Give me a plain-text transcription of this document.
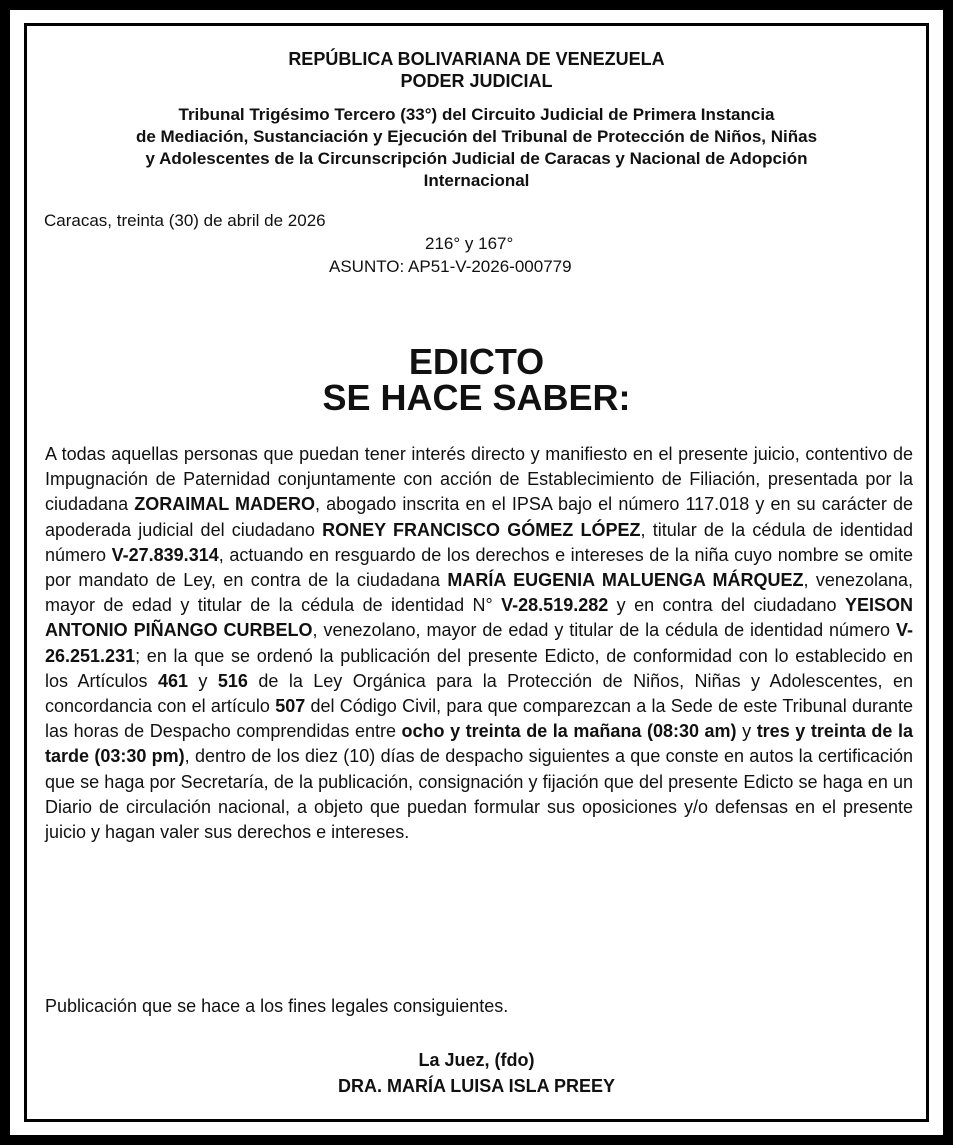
REPÚBLICA BOLIVARIANA DE VENEZUELA
PODER JUDICIAL
Tribunal Trigésimo Tercero (33°) del Circuito Judicial de Primera Instancia
de Mediación, Sustanciación y Ejecución del Tribunal de Protección de Niños, Niñas
y Adolescentes de la Circunscripción Judicial de Caracas y Nacional de Adopción
Internacional
Caracas, treinta (30) de abril de 2026
216° y 167°
ASUNTO: AP51-V-2026-000779
EDICTO
SE HACE SABER:
A todas aquellas personas que puedan tener interés directo y manifiesto en el presente juicio, contentivo de Impugnación de Paternidad conjuntamente con acción de Establecimiento de Filiación, presentada por la ciudadana ZORAIMAL MADERO, abogado inscrita en el IPSA bajo el número 117.018 y en su carácter de apoderada judicial del ciudadano RONEY FRANCISCO GÓMEZ LÓPEZ, titular de la cédula de identidad número V-27.839.314, actuando en resguardo de los derechos e intereses de la niña cuyo nombre se omite por mandato de Ley, en contra de la ciudadana MARÍA EUGENIA MALUENGA MÁRQUEZ, venezolana, mayor de edad y titular de la cédula de identidad N° V-28.519.282 y en contra del ciudadano YEISON ANTONIO PIÑANGO CURBELO, venezolano, mayor de edad y titular de la cédula de identidad número V-26.251.231; en la que se ordenó la publicación del presente Edicto, de conformidad con lo establecido en los Artículos 461 y 516 de la Ley Orgánica para la Protección de Niños, Niñas y Adolescentes, en concordancia con el artículo 507 del Código Civil, para que comparezcan a la Sede de este Tribunal durante las horas de Despacho comprendidas entre ocho y treinta de la mañana (08:30 am) y tres y treinta de la tarde (03:30 pm), dentro de los diez (10) días de despacho siguientes a que conste en autos la certificación que se haga por Secretaría, de la publicación, consignación y fijación que del presente Edicto se haga en un Diario de circulación nacional, a objeto que puedan formular sus oposiciones y/o defensas en el presente juicio y hagan valer sus derechos e intereses.
Publicación que se hace a los fines legales consiguientes.
La Juez, (fdo)
DRA. MARÍA LUISA ISLA PREEY
